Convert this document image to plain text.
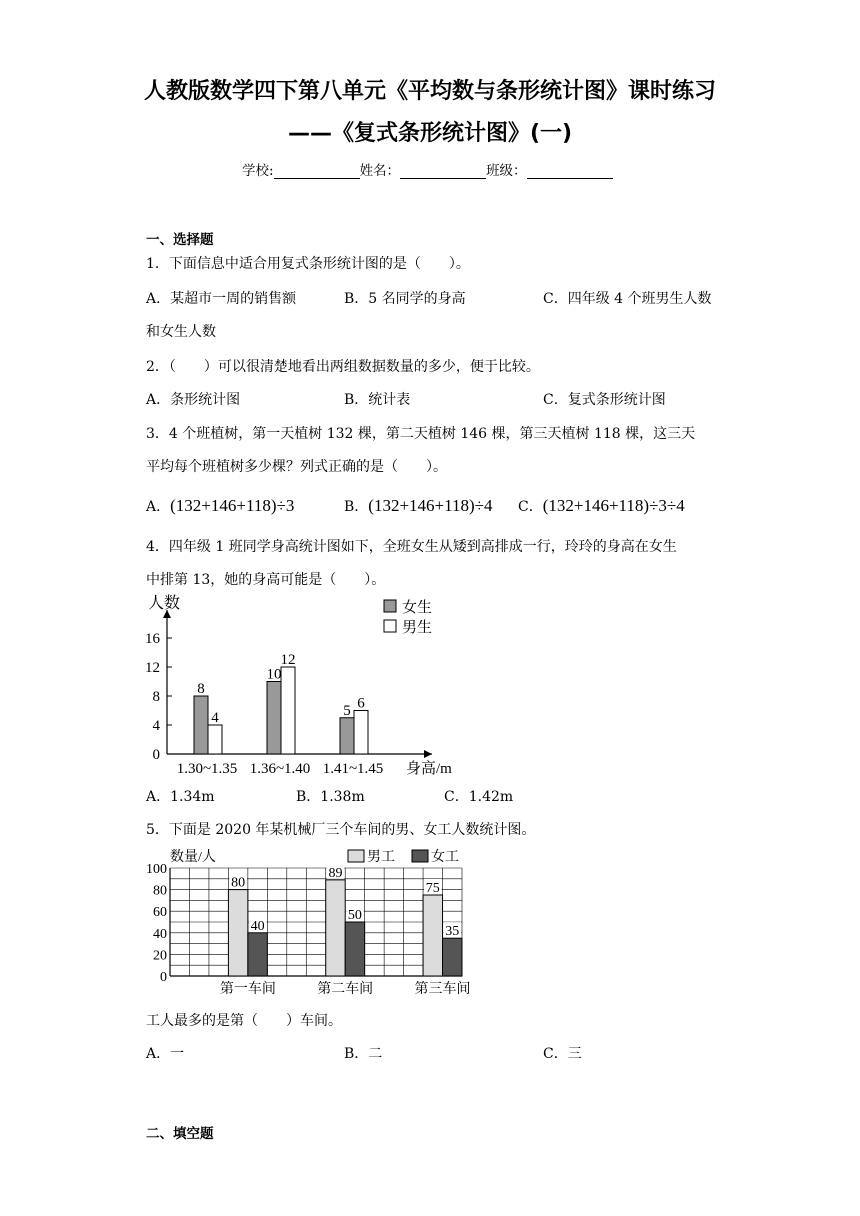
人教版数学四下第八单元《平均数与条形统计图》课时练习
——《复式条形统计图》(一)
学校:	姓名：	班级：
一、选择题
1．下面信息中适合用复式条形统计图的是（　　）。
A．某超市一周的销售额	B．5 名同学的身高	C．四年级 4 个班男生人数
和女生人数
2．（　　）可以很清楚地看出两组数据数量的多少，便于比较。
A．条形统计图	B．统计表	C．复式条形统计图
3．4 个班植树，第一天植树 132 棵，第二天植树 146 棵，第三天植树 118 棵，这三天
平均每个班植树多少棵？列式正确的是（　　）。
A．(132+146+118)÷3	B．(132+146+118)÷4 C．(132+146+118)÷3÷4
4．四年级 1 班同学身高统计图如下，全班女生从矮到高排成一行，玲玲的身高在女生
中排第 13，她的身高可能是（　　）。
人数
身高/m
0
4
8
12
16
1.30~1.35
8
4
1.36~1.40
10
12
1.41~1.45
5 6
女生
男生
A．1.34m	B．1.38m	C．1.42m
5．下面是 2020 年某机械厂三个车间的男、女工人数统计图。
数量/人
0
20
40
60
80
100
第一车间
80
40
第二车间
89
50
第三车间
75
35
男工	女工
工人最多的是第（　　）车间。
A．一	B．二	C．三
二、填空题
